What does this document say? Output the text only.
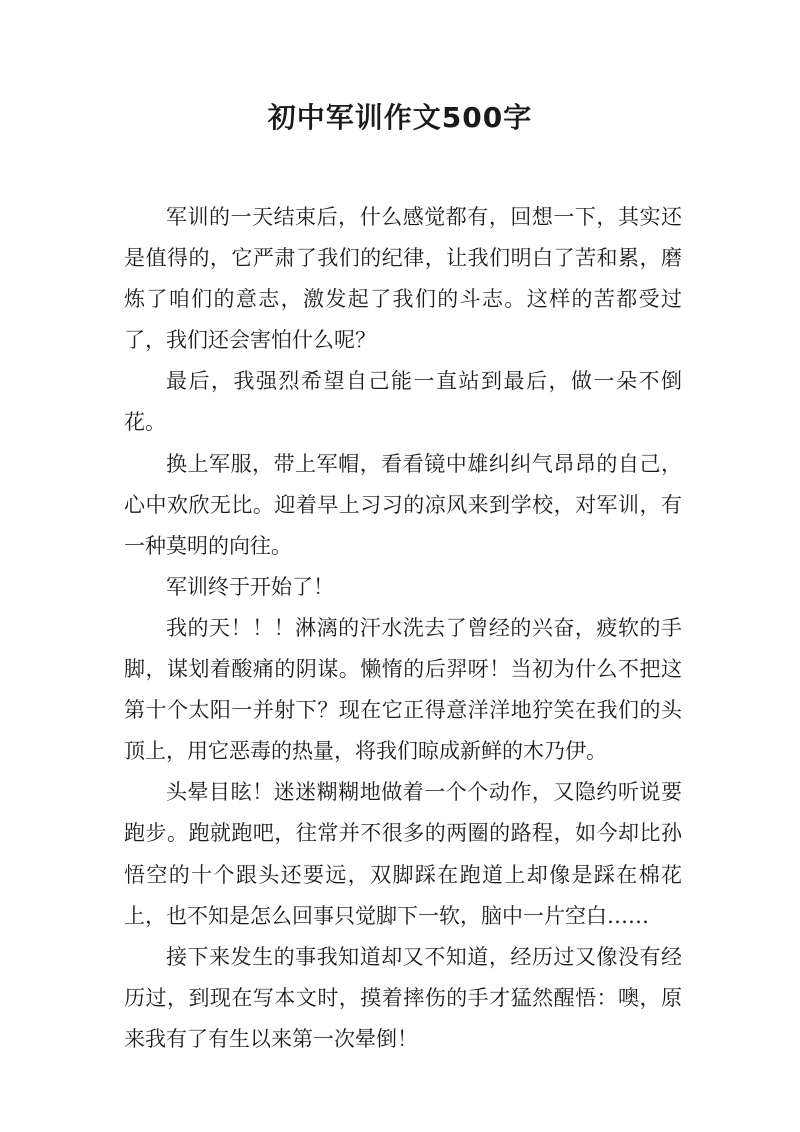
初中军训作文500字

军训的一天结束后，什么感觉都有，回想一下，其实还是值得的，它严肃了我们的纪律，让我们明白了苦和累，磨炼了咱们的意志，激发起了我们的斗志。这样的苦都受过了，我们还会害怕什么呢？

最后，我强烈希望自己能一直站到最后，做一朵不倒花。

换上军服，带上军帽，看看镜中雄纠纠气昂昂的自己，心中欢欣无比。迎着早上习习的凉风来到学校，对军训，有一种莫明的向往。

军训终于开始了！

我的天！！！淋漓的汗水洗去了曾经的兴奋，疲软的手脚，谋划着酸痛的阴谋。懒惰的后羿呀！当初为什么不把这第十个太阳一并射下？现在它正得意洋洋地狞笑在我们的头顶上，用它恶毒的热量，将我们晾成新鲜的木乃伊。

头晕目眩！迷迷糊糊地做着一个个动作，又隐约听说要跑步。跑就跑吧，往常并不很多的两圈的路程，如今却比孙悟空的十个跟头还要远，双脚踩在跑道上却像是踩在棉花上，也不知是怎么回事只觉脚下一软，脑中一片空白……

接下来发生的事我知道却又不知道，经历过又像没有经历过，到现在写本文时，摸着摔伤的手才猛然醒悟：噢，原来我有了有生以来第一次晕倒！
